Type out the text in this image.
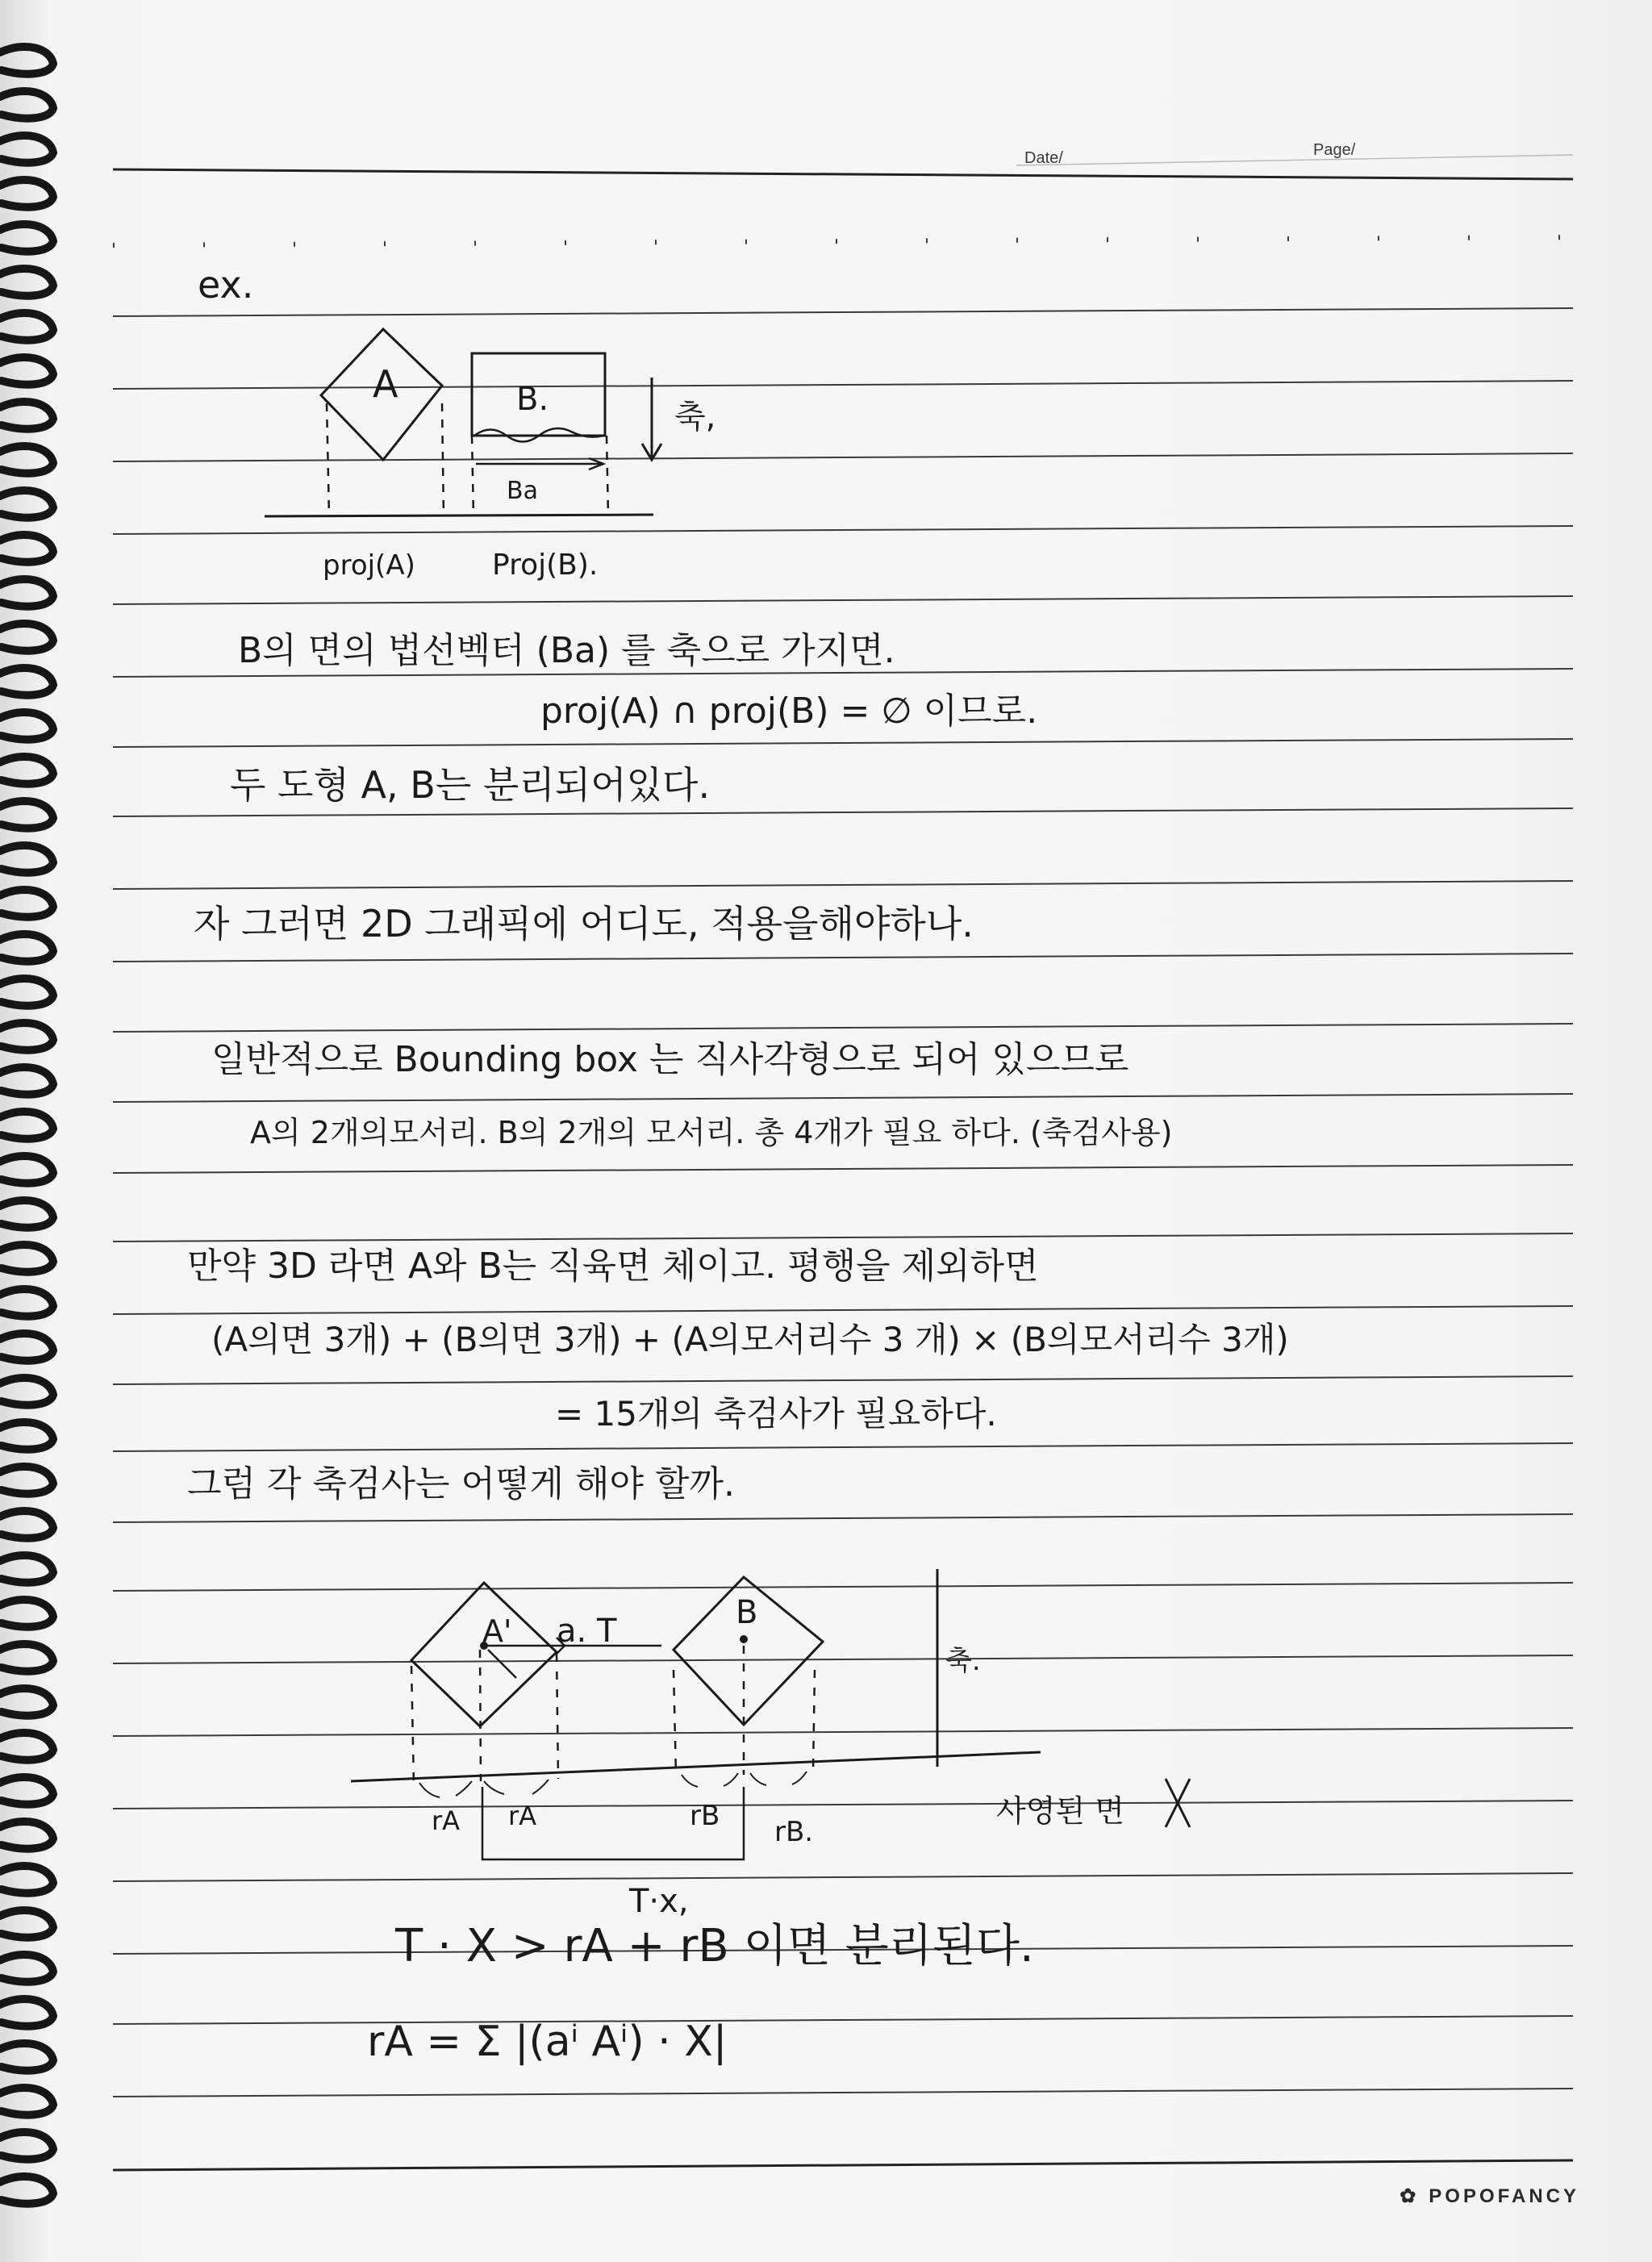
A	B.	축,
Ba
proj(A)	Proj(B).
A'	B
a. T
축.
rA rA	rB rB.
사영된 면
T·x,
Date/	Page/
ex.
B의 면의 법선벡터 (Ba) 를 축으로 가지면.
proj(A) ∩ proj(B) = ∅ 이므로.
두 도형 A, B는 분리되어있다.
자 그러면 2D 그래픽에 어디도, 적용을해야하나.
일반적으로 Bounding box 는 직사각형으로 되어 있으므로
A의 2개의모서리. B의 2개의 모서리. 총 4개가 필요 하다. (축검사용)
만약 3D 라면 A와 B는 직육면 체이고. 평행을 제외하면
(A의면 3개) + (B의면 3개) + (A의모서리수 3 개) × (B의모서리수 3개)
= 15개의 축검사가 필요하다.
그럼 각 축검사는 어떻게 해야 할까.
T · X > rA + rB 이면 분리된다.
rA = Σ |(aⁱ Aⁱ) · X|
✿ POPOFANCY
